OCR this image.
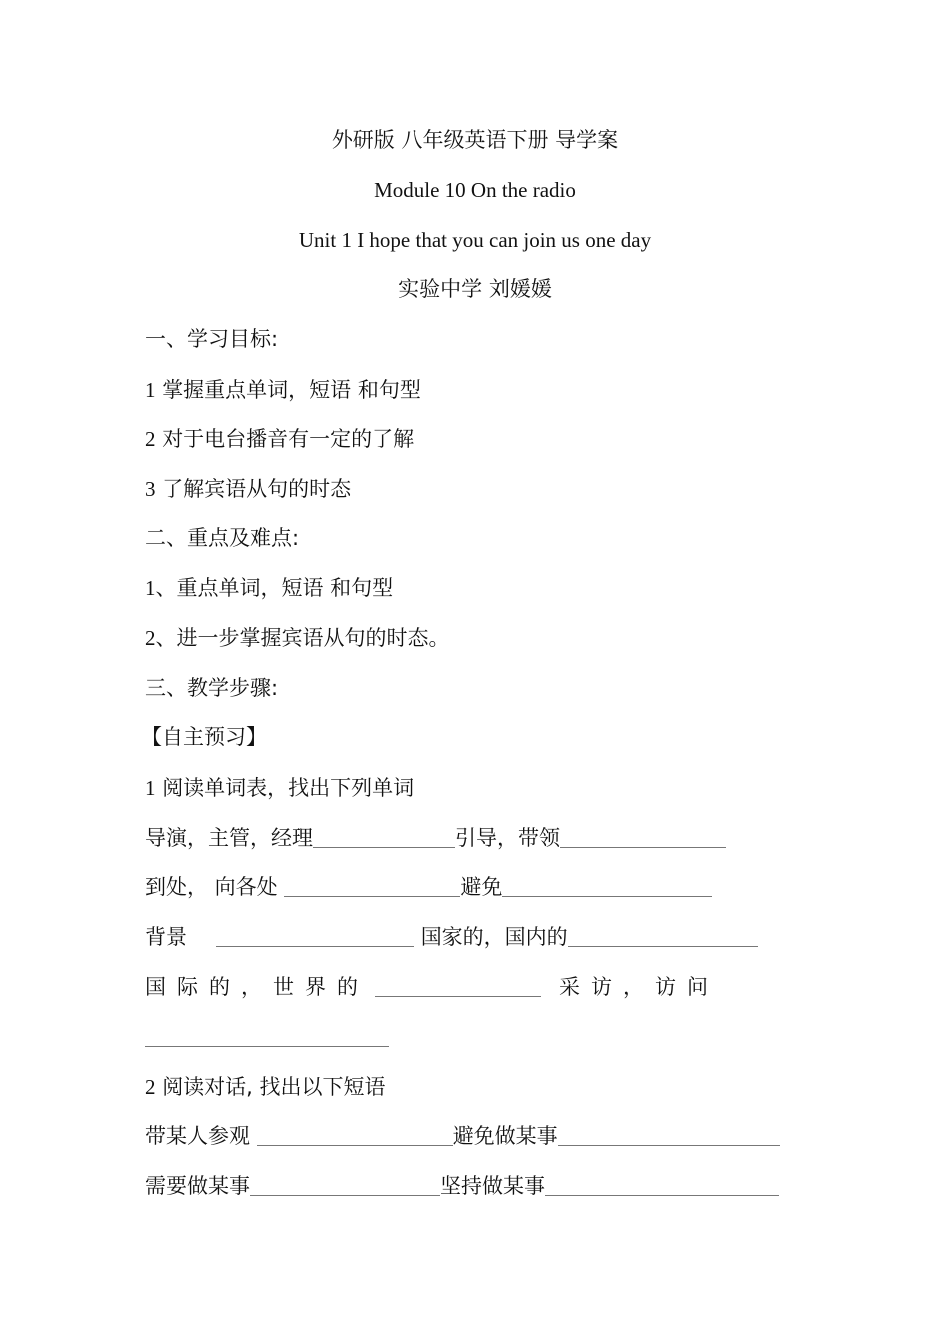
外研版 八年级英语下册 导学案
Module 10 On the radio
Unit 1 I hope that you can join us one day
实验中学 刘媛媛
一、学习目标:
1 掌握重点单词，短语 和句型
2 对于电台播音有一定的了解
3 了解宾语从句的时态
二、重点及难点:
1、重点单词，短语 和句型
2、进一步掌握宾语从句的时态。
三、教学步骤:
【自主预习】
1 阅读单词表，找出下列单词
导演，主管，经理	引导，带领
到处， 向各处	避免
背景	国家的，国内的
国际的，世界的	采访，访问
2 阅读对话, 找出以下短语
带某人参观	避免做某事
需要做某事	坚持做某事
